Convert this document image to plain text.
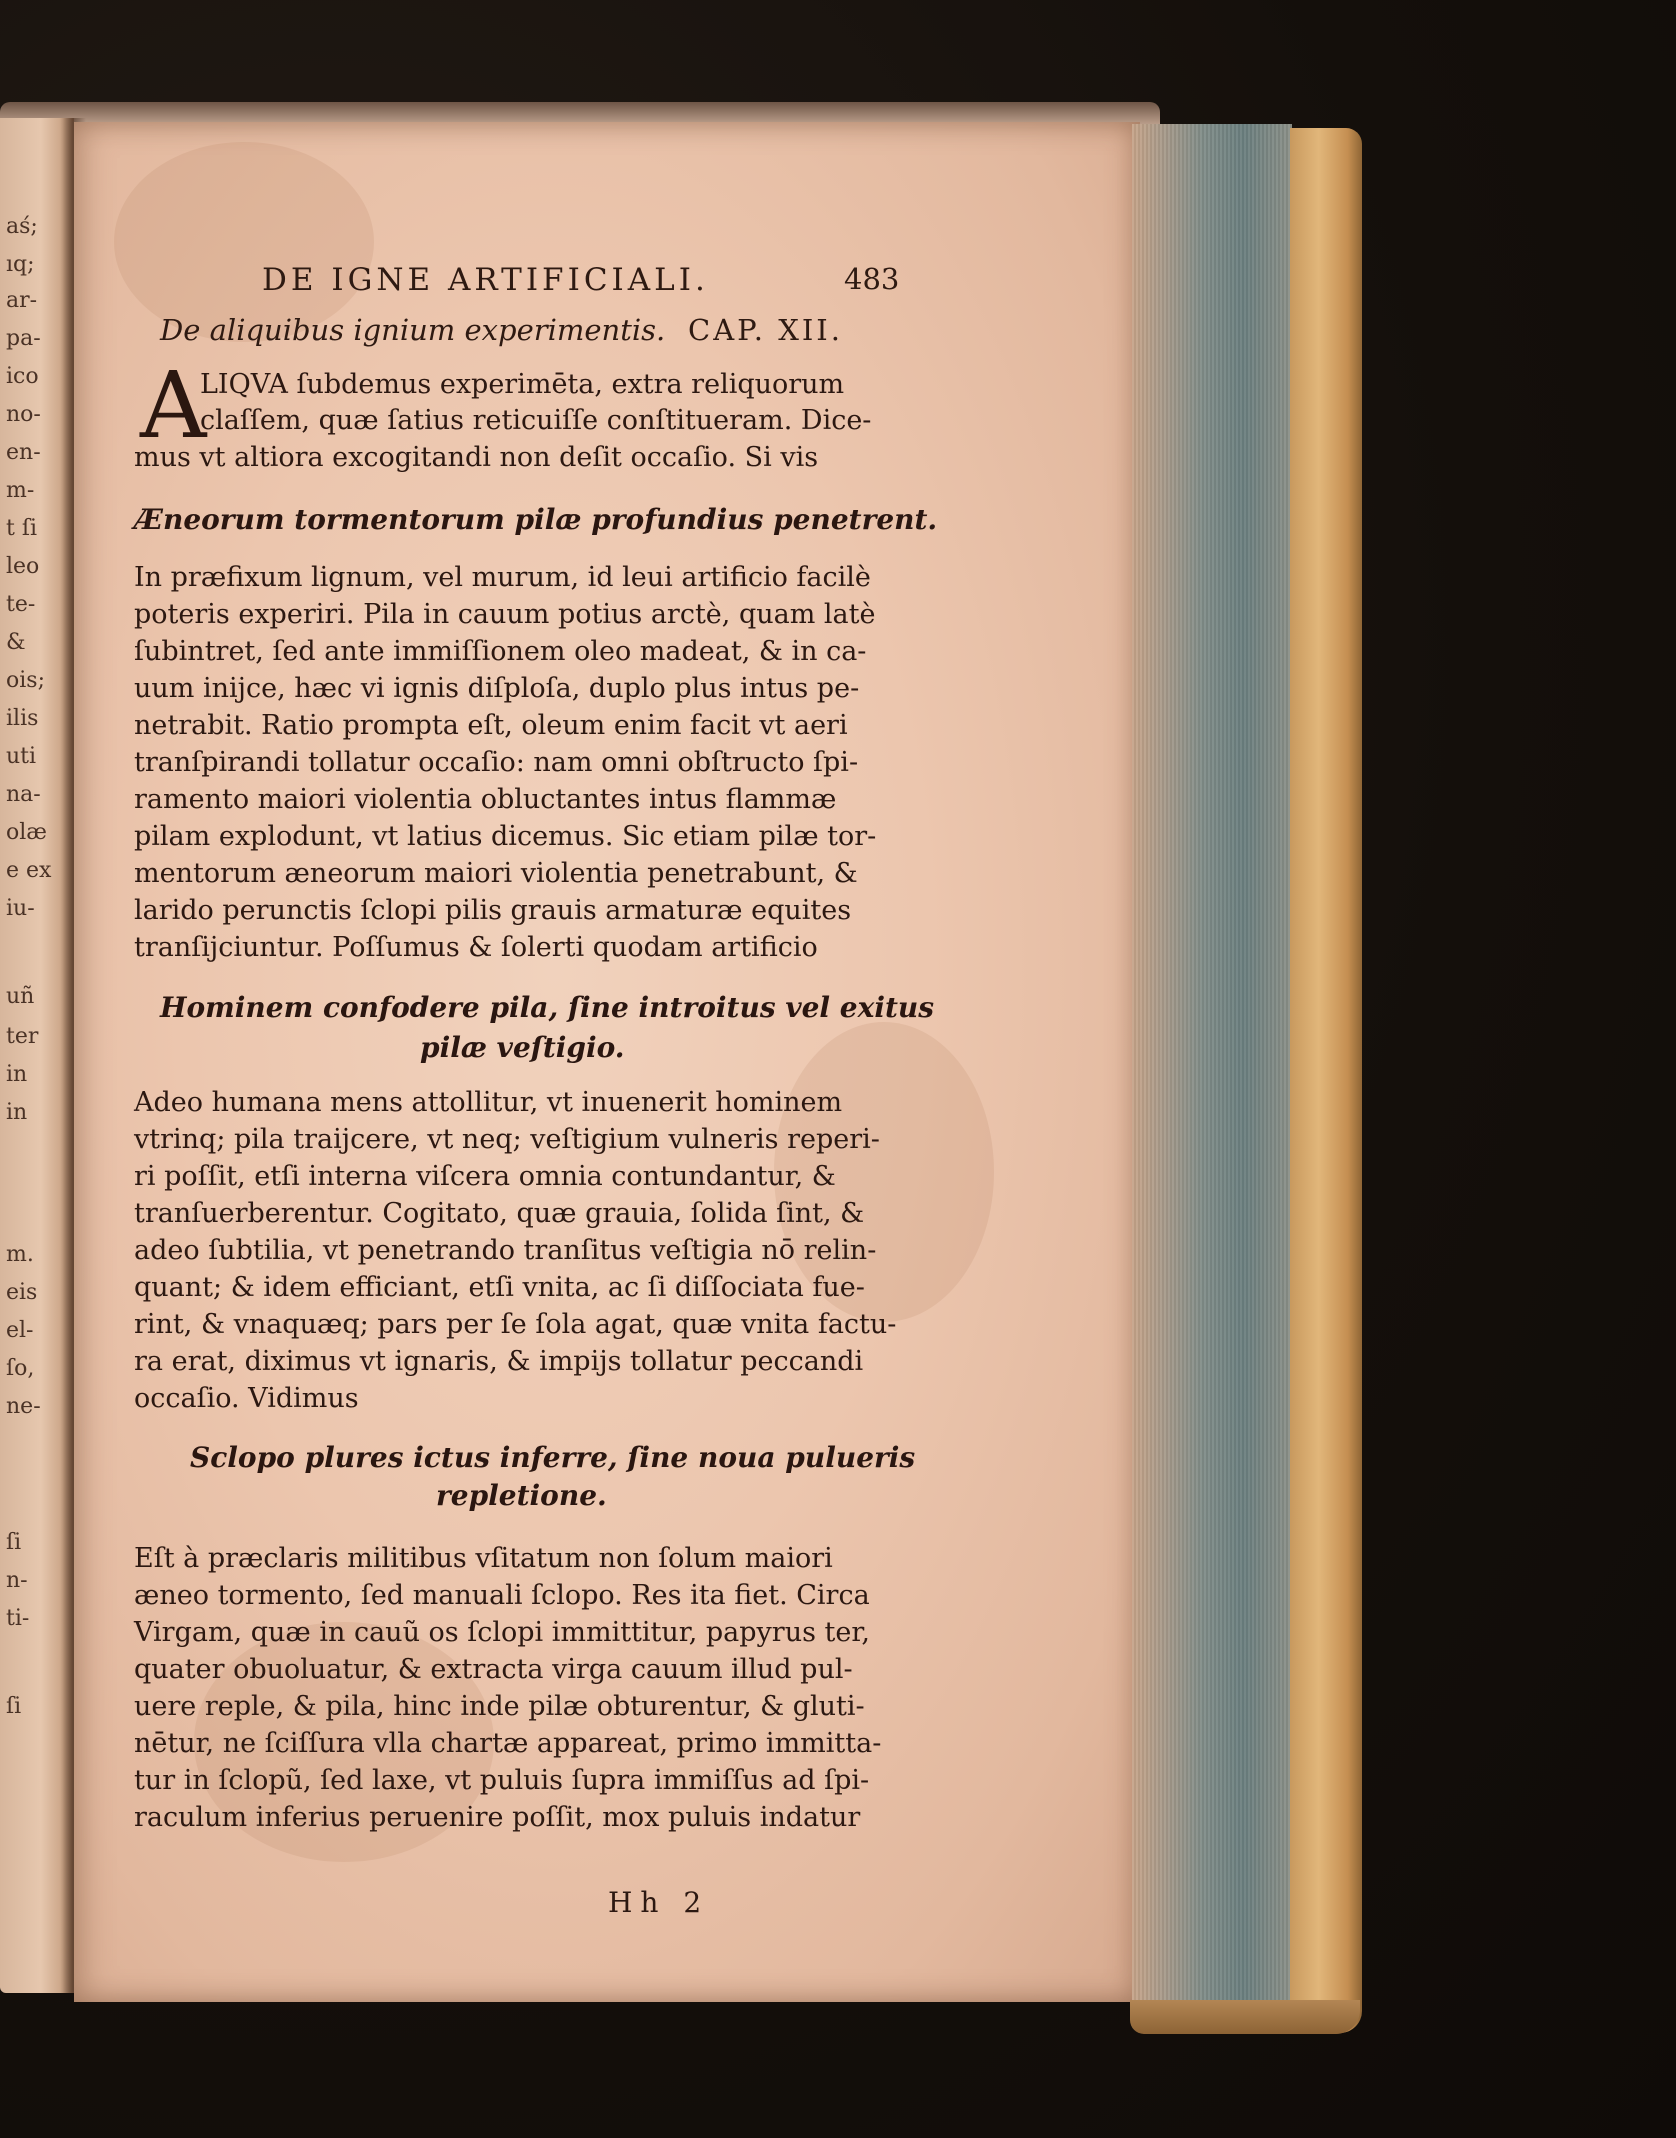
aś;
ıq;
ar-
pa-
ico
no-
en-
m-
t ſi
leo
te-
&
ois;
ilis
uti
na-
olæ
e ex
iu-
uñ
ter
in
in
m.
eis
el-
ſo,
ne-
ſi
n-
ti-
ſi
DE IGNE ARTIFICIALI.	483
De aliquibus ignium experimentis. CAP. XII.
A
LIQVA ſubdemus experimēta, extra reliquorum
claſſem, quæ ſatius reticuiſſe conſtitueram. Dice-
mus vt altiora excogitandi non deſit occaſio. Si vis
Æneorum tormentorum pilæ profundius penetrent.
In præfixum lignum, vel murum, id leui artificio facilè
poteris experiri. Pila in cauum potius arctè, quam latè
ſubintret, ſed ante immiſſionem oleo madeat, & in ca-
uum inijce, hæc vi ignis diſploſa, duplo plus intus pe-
netrabit. Ratio prompta eſt, oleum enim facit vt aeri
tranſpirandi tollatur occaſio: nam omni obſtructo ſpi-
ramento maiori violentia obluctantes intus flammæ
pilam explodunt, vt latius dicemus. Sic etiam pilæ tor-
mentorum æneorum maiori violentia penetrabunt, &
larido perunctis ſclopi pilis grauis armaturæ equites
tranſijciuntur. Poſſumus & ſolerti quodam artificio
Hominem confodere pila, ſine introitus vel exitus
pilæ veſtigio.
Adeo humana mens attollitur, vt inuenerit hominem
vtrinq; pila traijcere, vt neq; veſtigium vulneris reperi-
ri poſſit, etſi interna viſcera omnia contundantur, &
tranſuerberentur. Cogitato, quæ grauia, ſolida ſint, &
adeo ſubtilia, vt penetrando tranſitus veſtigia nō relin-
quant; & idem efficiant, etſi vnita, ac ſi diſſociata fue-
rint, & vnaquæq; pars per ſe ſola agat, quæ vnita factu-
ra erat, diximus vt ignaris, & impijs tollatur peccandi
occaſio. Vidimus
Sclopo plures ictus inferre, ſine noua pulueris
repletione.
Eſt à præclaris militibus vſitatum non ſolum maiori
æneo tormento, ſed manuali ſclopo. Res ita fiet. Circa
Virgam, quæ in cauũ os ſclopi immittitur, papyrus ter,
quater obuoluatur, & extracta virga cauum illud pul-
uere reple, & pila, hinc inde pilæ obturentur, & gluti-
nētur, ne ſciſſura vlla chartæ appareat, primo immitta-
tur in ſclopũ, ſed laxe, vt puluis ſupra immiſſus ad ſpi-
raculum inferius peruenire poſſit, mox puluis indatur
Hh 2
